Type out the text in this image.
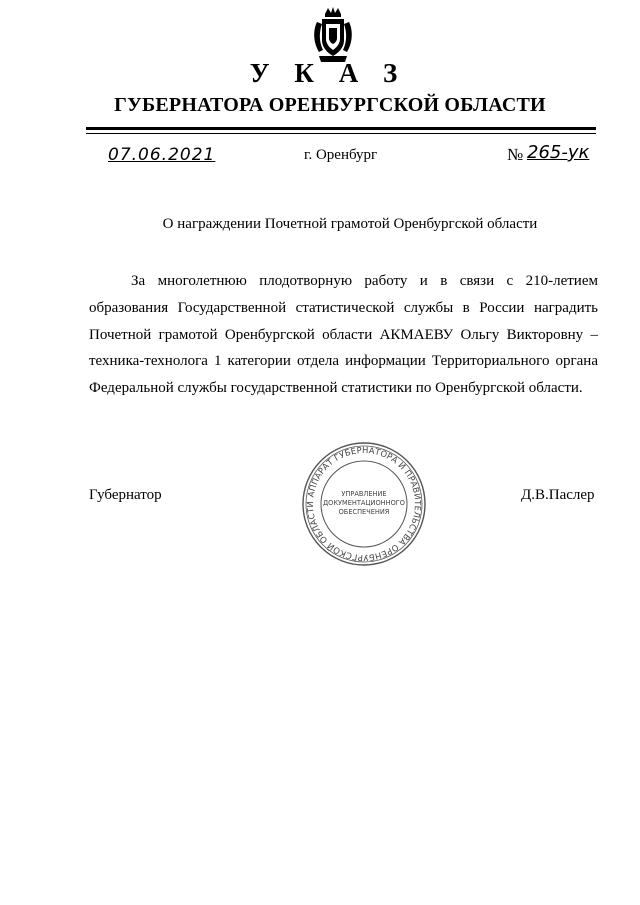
У К А З
ГУБЕРНАТОРА ОРЕНБУРГСКОЙ ОБЛАСТИ
07.06.2021	г. Оренбург	№ 265-ук
О награждении Почетной грамотой Оренбургской области

За многолетнюю плодотворную работу и в связи с 210-летием образования Государственной статистической службы в России наградить Почетной грамотой Оренбургской области АКМАЕВУ Ольгу Викторовну – техника-технолога 1 категории отдела информации Территориального органа Федеральной службы государственной статистики по Оренбургской области.

Губернатор	Д.В.Паслер
АППАРАТ ГУБЕРНАТОРА И ПРАВИТЕЛЬСТВА ОРЕНБУРГСКОЙ ОБЛАСТИ
УПРАВЛЕНИЕ
ДОКУМЕНТАЦИОННОГО
ОБЕСПЕЧЕНИЯ
